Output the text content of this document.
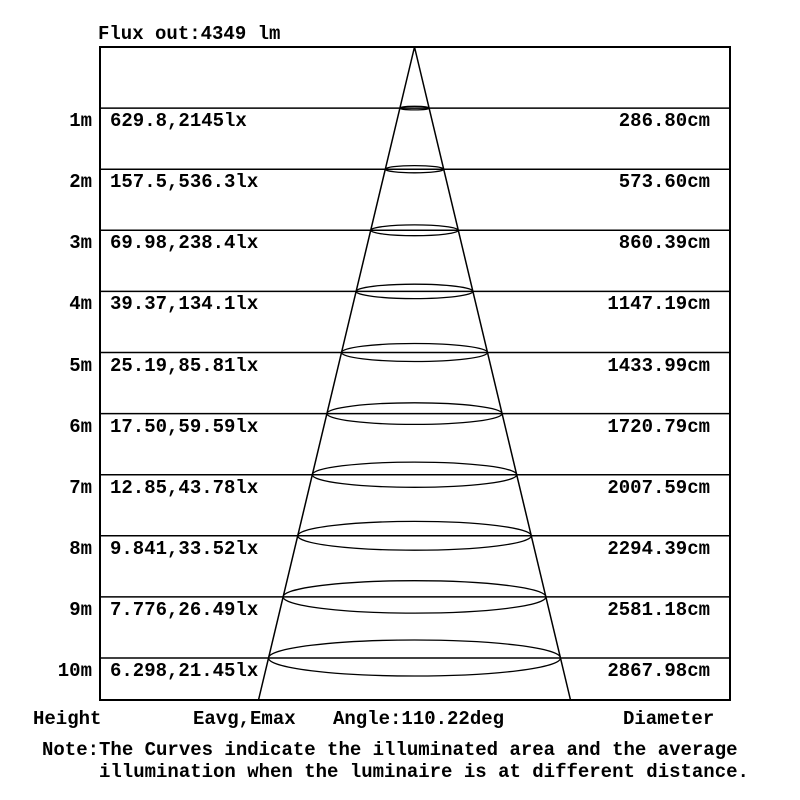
Flux out:4349 lm
1m 629.8,2145lx	286.80cm
2m 157.5,536.3lx	573.60cm
3m 69.98,238.4lx	860.39cm
4m 39.37,134.1lx	1147.19cm
5m 25.19,85.81lx	1433.99cm
6m 17.50,59.59lx	1720.79cm
7m 12.85,43.78lx	2007.59cm
8m 9.841,33.52lx	2294.39cm
9m 7.776,26.49lx	2581.18cm
10m 6.298,21.45lx	2867.98cm
Height	Eavg,Emax Angle:110.22deg	Diameter
Note:The Curves indicate the illuminated area and the average
illumination when the luminaire is at different distance.
